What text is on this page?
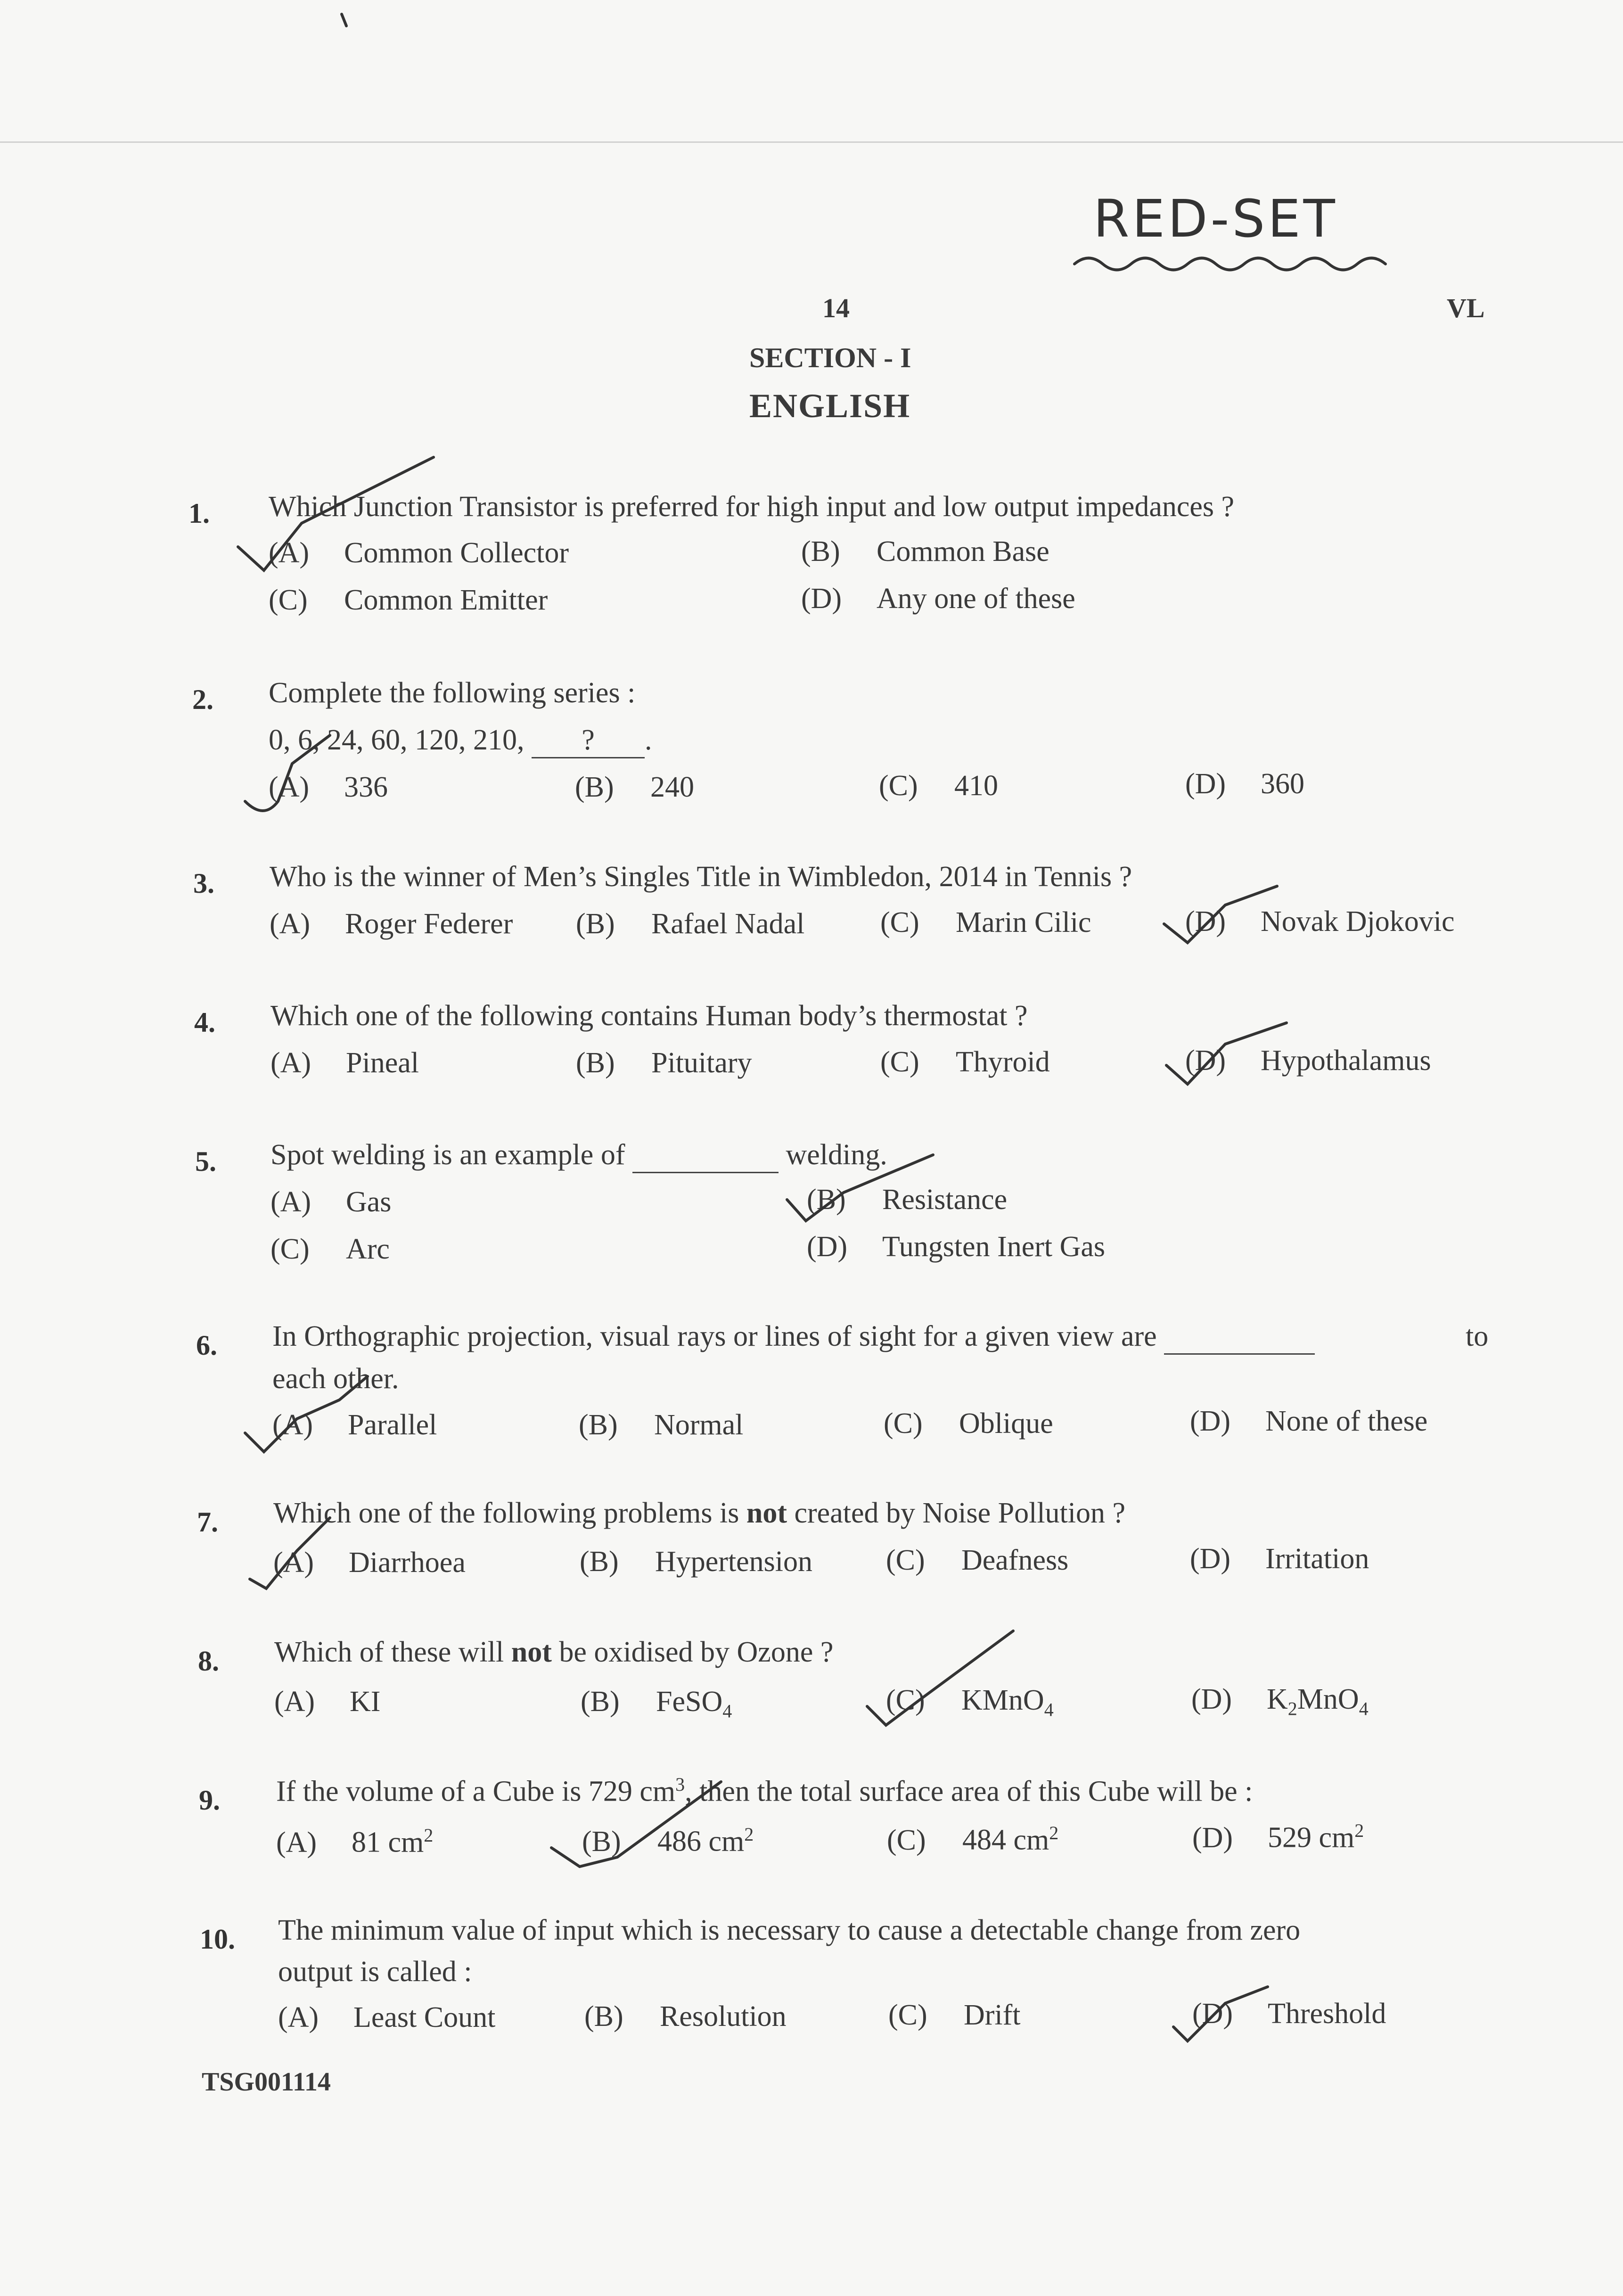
RED-SET
14	VL
SECTION - I
ENGLISH
1. Which Junction Transistor is preferred for high input and low output impedances ?
(A) Common Collector	(B) Common Base
(C) Common Emitter	(D) Any one of these
2. Complete the following series :
0, 6, 24, 60, 120, 210, ? .
(A) 336	(B) 240	(C) 410	(D) 360
3. Who is the winner of Men’s Singles Title in Wimbledon, 2014 in Tennis ?
(A) Roger Federer (B) Rafael Nadal	(C) Marin Cilic	(D) Novak Djokovic
4. Which one of the following contains Human body’s thermostat ?
(A) Pineal	(B) Pituitary	(C) Thyroid	(D) Hypothalamus
5. Spot welding is an example of	welding.
(A) Gas	(B) Resistance
(C) Arc	(D) Tungsten Inert Gas
6. In Orthographic projection, visual rays or lines of sight for a given view are	to
each other.
(A) Parallel	(B) Normal	(C) Oblique	(D) None of these
7. Which one of the following problems is not created by Noise Pollution ?
(A) Diarrhoea	(B) Hypertension	(C) Deafness	(D) Irritation
8. Which of these will not be oxidised by Ozone ?
(A) KI	(B) FeSO$_4$	(C) KMnO$_4$	(D) $K_2MnO_4$
9. If the volume of a Cube is 729 $cm^3$, then the total surface area of this Cube will be :
(A) 81 $cm^2$	(B) 486 $cm^2$	(C) 484 $cm^2$	(D) 529 $cm^2$
10. The minimum value of input which is necessary to cause a detectable change from zero
output is called :
(A) Least Count	(B) Resolution	(C) Drift	(D) Threshold
TSG001114
